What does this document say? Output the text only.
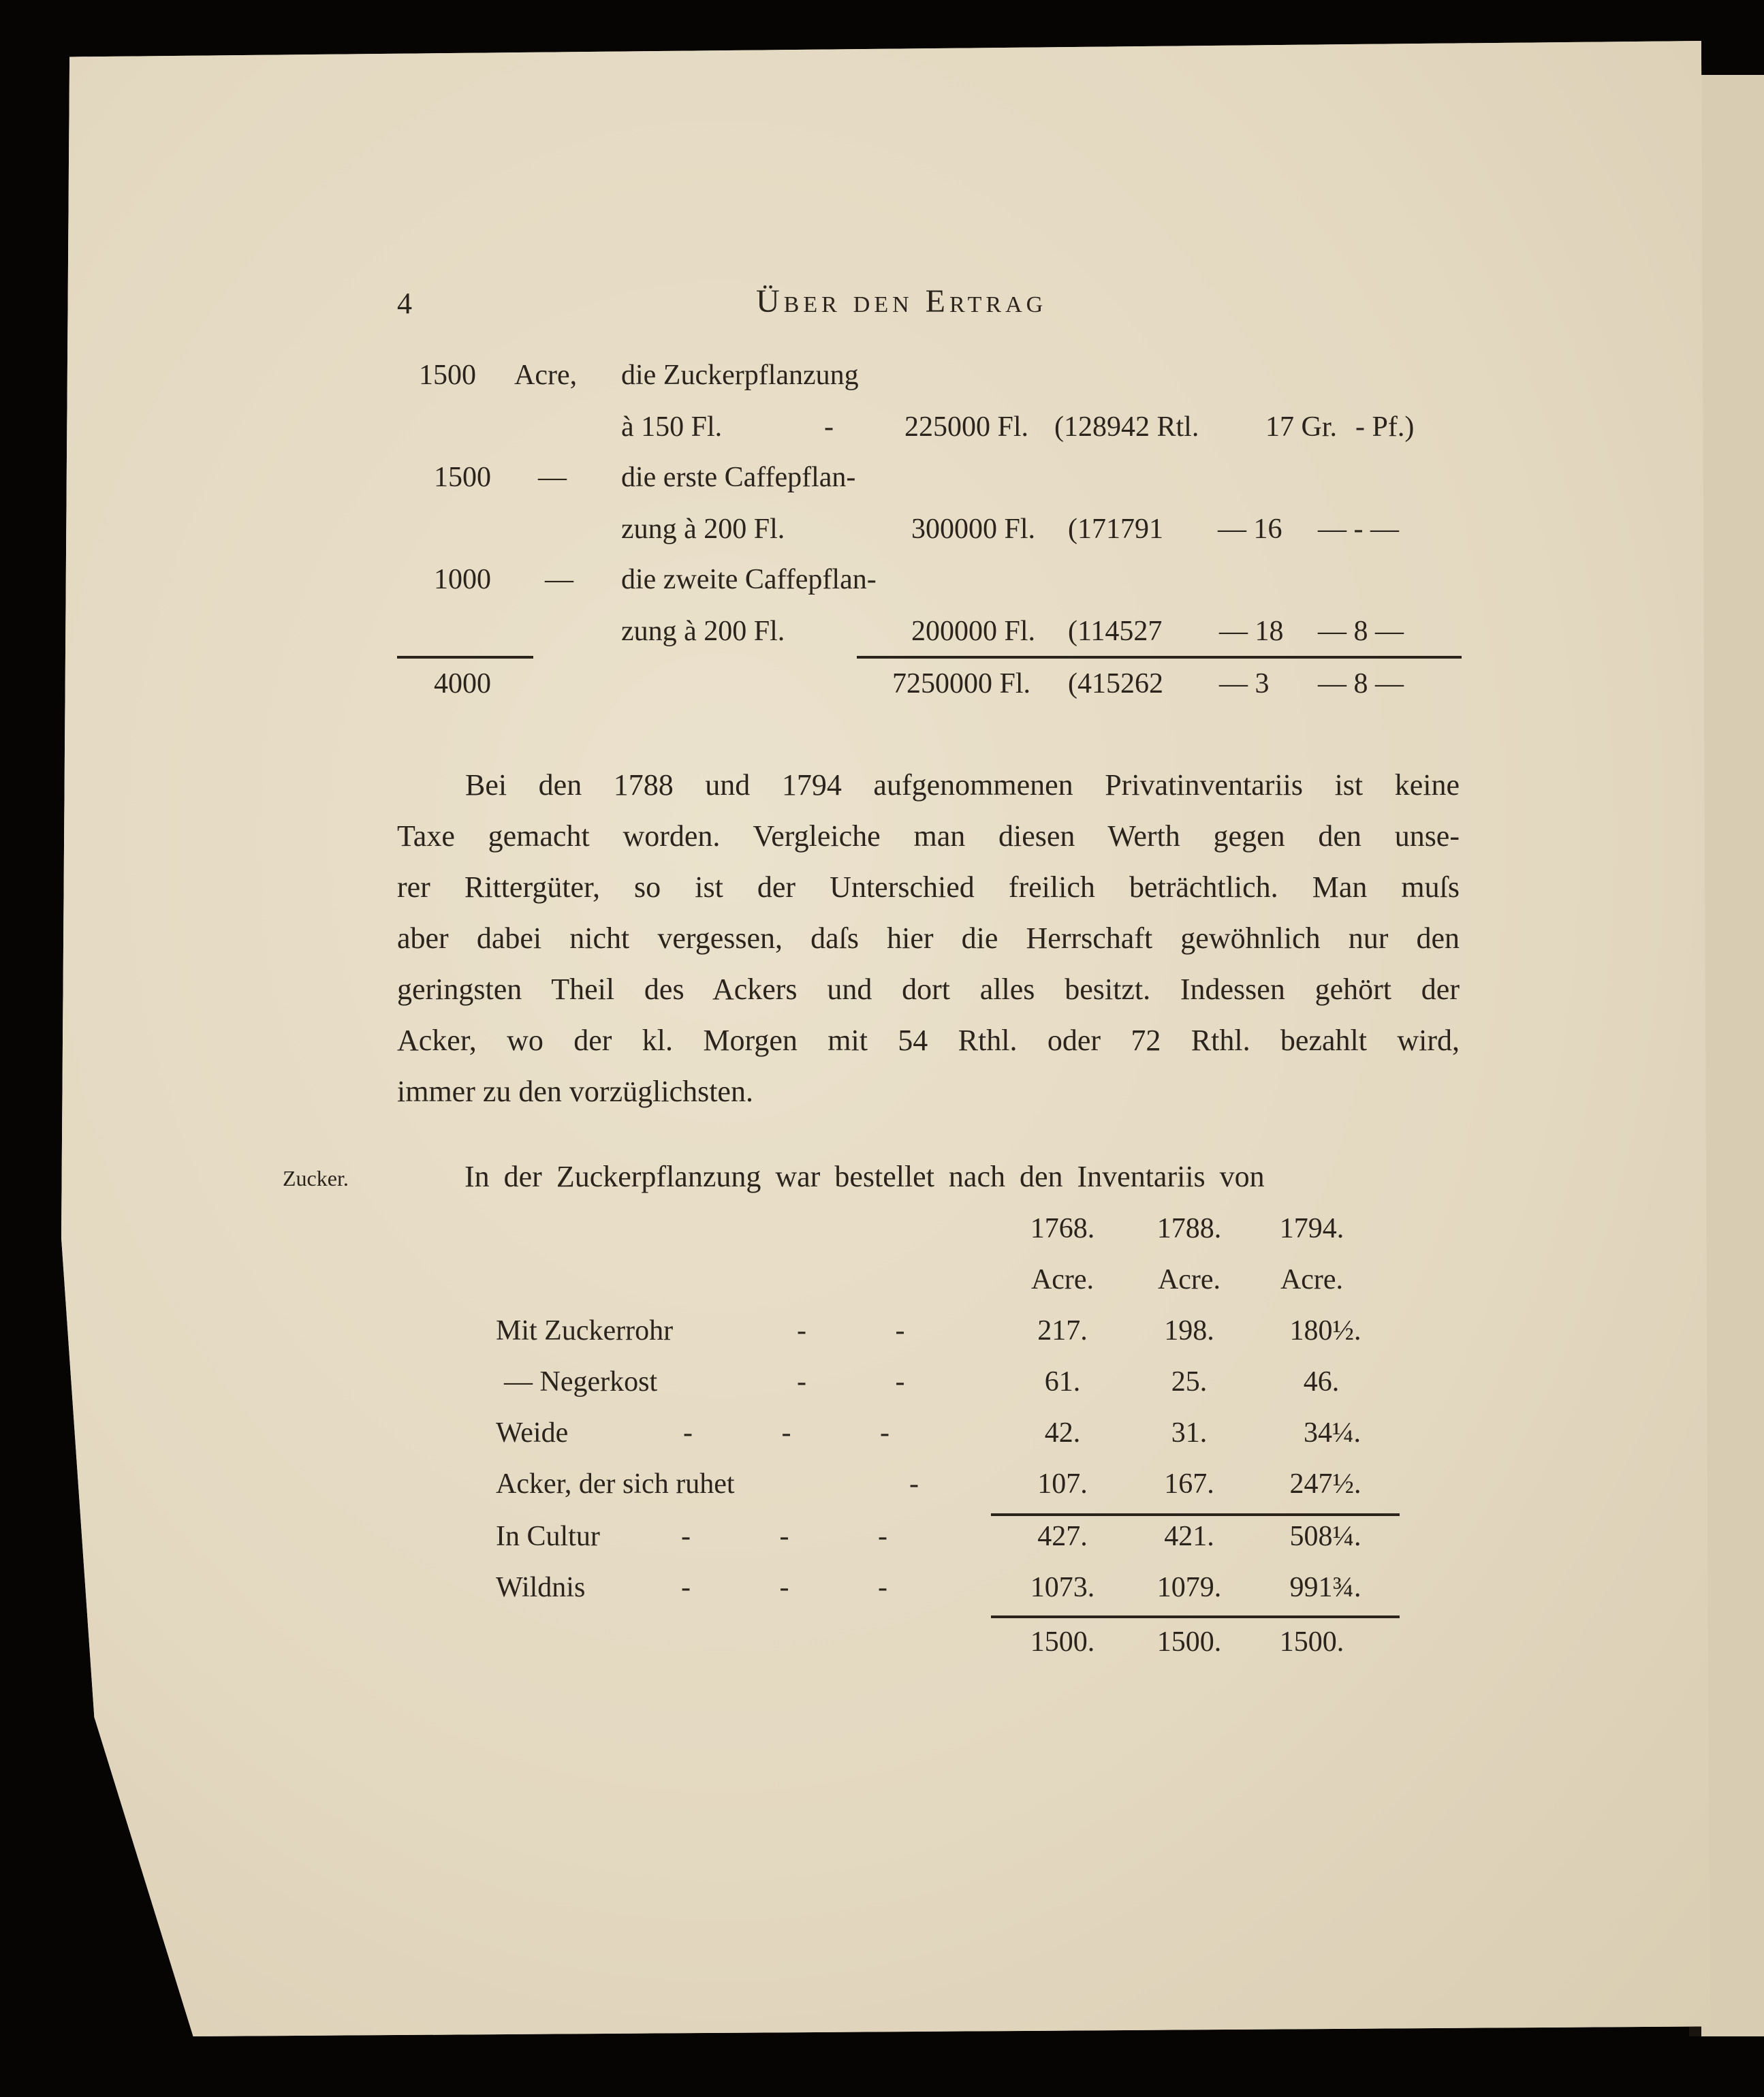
4	Über den Ertrag
1500 Acre, die Zuckerpflanzung
à 150 Fl.	- 225000 Fl. (128942 Rtl. 17 Gr. - Pf.)
1500 — die erste Caffepflan-
zung à 200 Fl.	300000 Fl. (171791 — 16 — - —
1000 — die zweite Caffepflan-
zung à 200 Fl.	200000 Fl. (114527 — 18 — 8 —
4000	7250000 Fl. (415262 — 3 — 8 —
Bei den 1788 und 1794 aufgenommenen Privatinventariis ist keine
Taxe gemacht worden. Vergleiche man diesen Werth gegen den unse-
rer Rittergüter, so ist der Unterschied freilich beträchtlich. Man muſs
aber dabei nicht vergessen, daſs hier die Herrschaft gewöhnlich nur den
geringsten Theil des Ackers und dort alles besitzt. Indessen gehört der
Acker, wo der kl. Morgen mit 54 Rthl. oder 72 Rthl. bezahlt wird,
immer zu den vorzüglichsten.
Zucker.	In der Zuckerpflanzung war bestellet nach den Inventariis von
1768.	1788.	1794.
Acre.	Acre.	Acre.
Mit Zuckerrohr	- -	217.	198.	180½.
— Negerkost	- -	61.	25.	46.
Weide	- - -	42.	31.	34¼.
Acker, der sich ruhet	-	107.	167.	247½.
In Cultur	- - -	427.	421.	508¼.
Wildnis	- - -	1073.	1079.	991¾.
1500.	1500.	1500.
